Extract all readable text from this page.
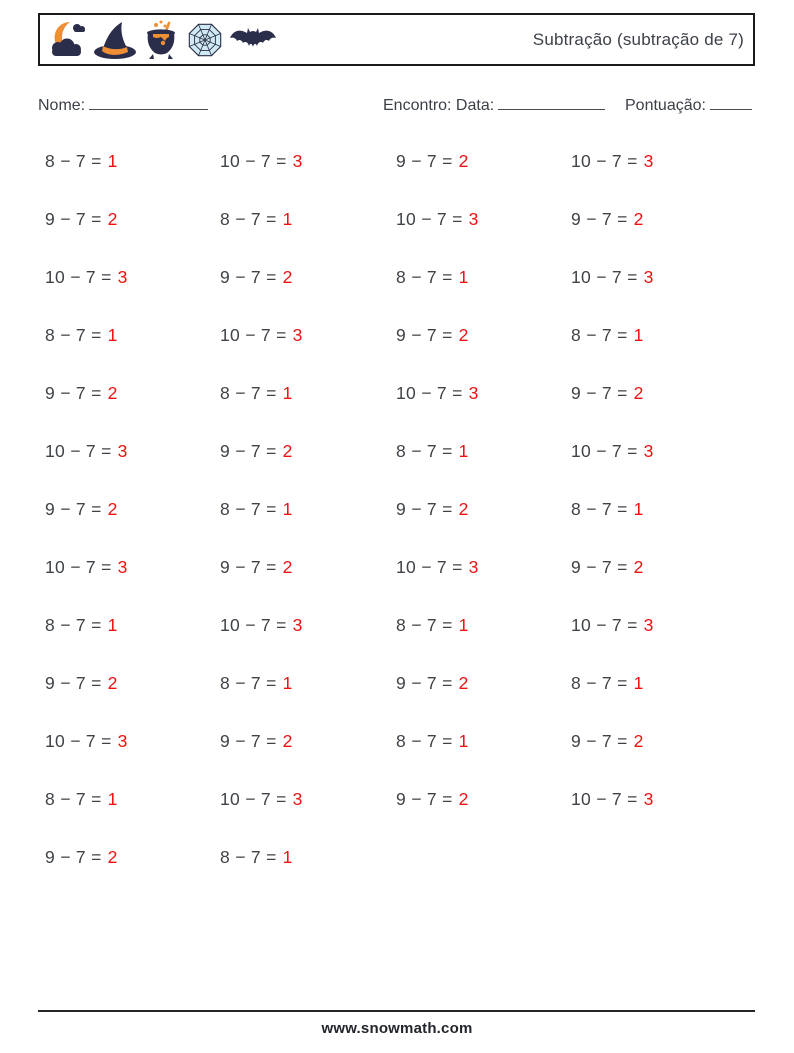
Subtração (subtração de 7)
Nome:	Encontro: Data:	Pontuação:
8 − 7 = 1	10 − 7 = 3	9 − 7 = 2	10 − 7 = 3
9 − 7 = 2	8 − 7 = 1	10 − 7 = 3	9 − 7 = 2
10 − 7 = 3	9 − 7 = 2	8 − 7 = 1	10 − 7 = 3
8 − 7 = 1	10 − 7 = 3	9 − 7 = 2	8 − 7 = 1
9 − 7 = 2	8 − 7 = 1	10 − 7 = 3	9 − 7 = 2
10 − 7 = 3	9 − 7 = 2	8 − 7 = 1	10 − 7 = 3
9 − 7 = 2	8 − 7 = 1	9 − 7 = 2	8 − 7 = 1
10 − 7 = 3	9 − 7 = 2	10 − 7 = 3	9 − 7 = 2
8 − 7 = 1	10 − 7 = 3	8 − 7 = 1	10 − 7 = 3
9 − 7 = 2	8 − 7 = 1	9 − 7 = 2	8 − 7 = 1
10 − 7 = 3	9 − 7 = 2	8 − 7 = 1	9 − 7 = 2
8 − 7 = 1	10 − 7 = 3	9 − 7 = 2	10 − 7 = 3
9 − 7 = 2	8 − 7 = 1
www.snowmath.com
